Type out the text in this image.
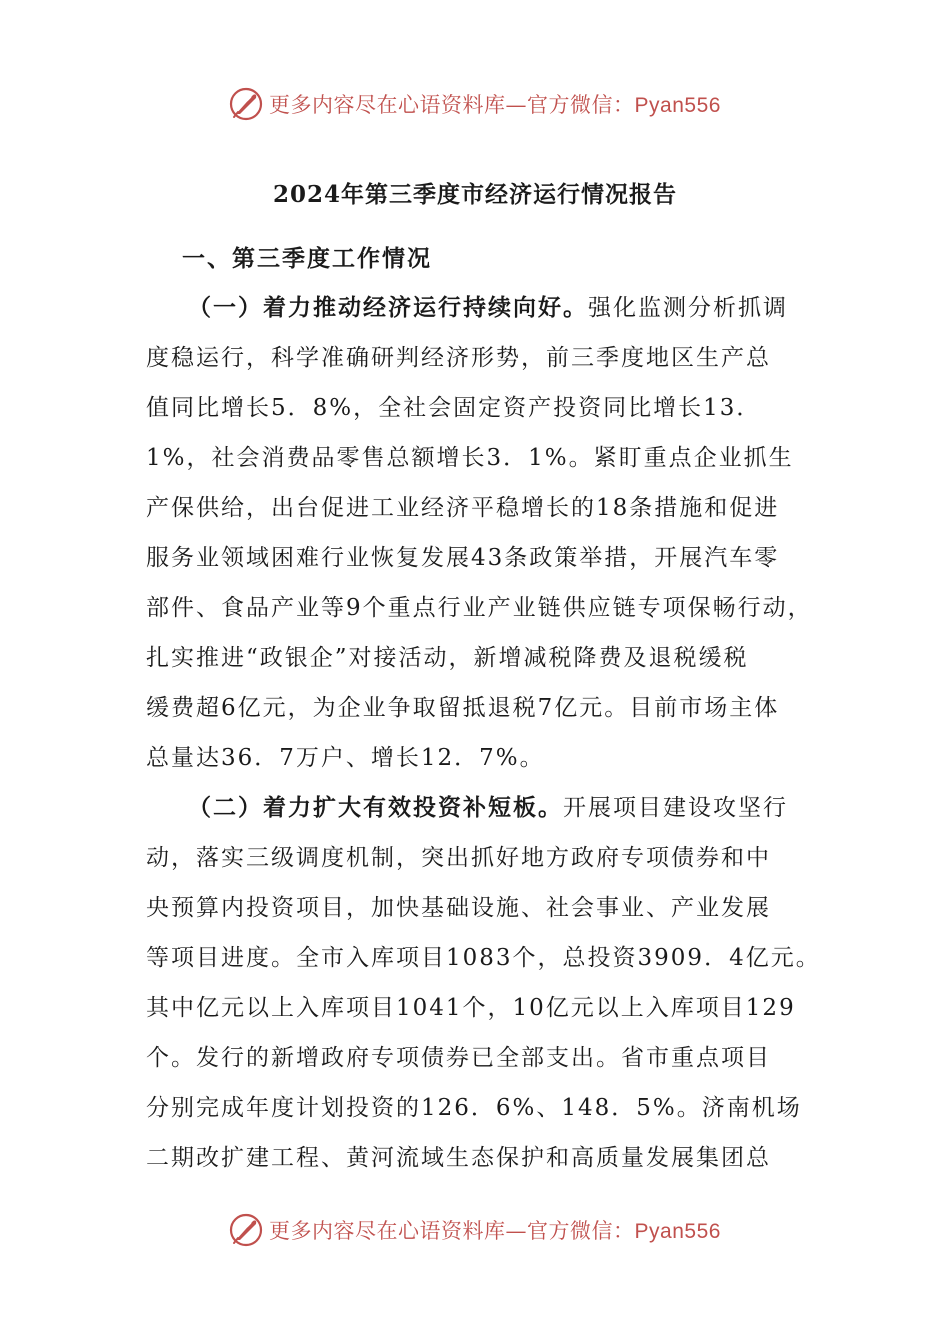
更多内容尽在心语资料库—官方微信：Pyan556
2024年第三季度市经济运行情况报告
一、第三季度工作情况
（一）着力推动经济运行持续向好。强化监测分析抓调
度稳运行，科学准确研判经济形势，前三季度地区生产总
值同比增长5．8%，全社会固定资产投资同比增长13．
1%，社会消费品零售总额增长3．1%。紧盯重点企业抓生
产保供给，出台促进工业经济平稳增长的18条措施和促进
服务业领域困难行业恢复发展43条政策举措，开展汽车零
部件、食品产业等9个重点行业产业链供应链专项保畅行动，
扎实推进“政银企”对接活动，新增减税降费及退税缓税
缓费超6亿元，为企业争取留抵退税7亿元。目前市场主体
总量达36．7万户、增长12．7%。
（二）着力扩大有效投资补短板。开展项目建设攻坚行
动，落实三级调度机制，突出抓好地方政府专项债券和中
央预算内投资项目，加快基础设施、社会事业、产业发展
等项目进度。全市入库项目1083个，总投资3909．4亿元。
其中亿元以上入库项目1041个，10亿元以上入库项目129
个。发行的新增政府专项债券已全部支出。省市重点项目
分别完成年度计划投资的126．6%、148．5%。济南机场
二期改扩建工程、黄河流域生态保护和高质量发展集团总
更多内容尽在心语资料库—官方微信：Pyan556
